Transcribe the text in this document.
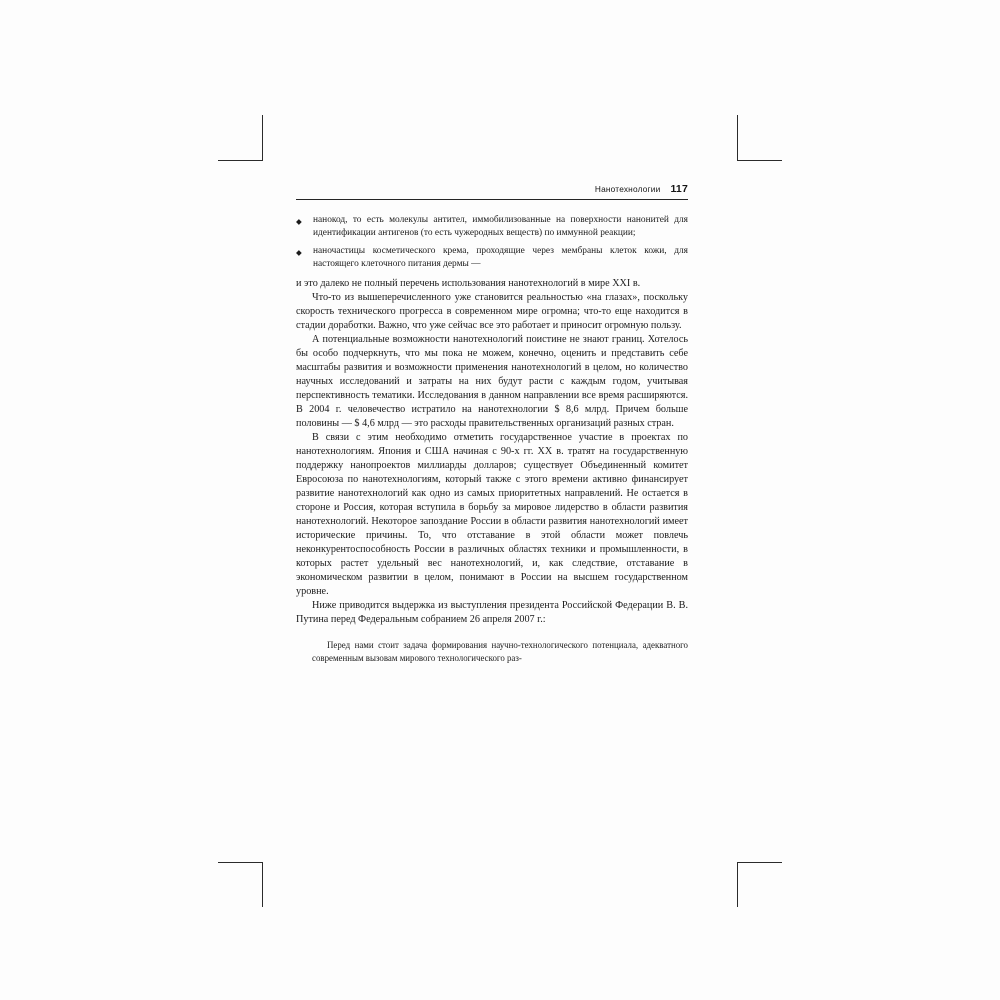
Нанотехнологии 117
◆ нанокод, то есть молекулы антител, иммобилизованные на поверхности нанонитей для идентификации антигенов (то есть чужеродных веществ) по иммунной реакции;
◆ наночастицы косметического крема, проходящие через мембраны клеток кожи, для настоящего клеточного питания дермы —

и это далеко не полный перечень использования нанотехнологий в мире XXI в.

Что-то из вышеперечисленного уже становится реальностью «на глазах», поскольку скорость технического прогресса в современном мире огромна; что-то еще находится в стадии доработки. Важно, что уже сейчас все это работает и приносит огромную пользу.

А потенциальные возможности нанотехнологий поистине не знают границ. Хотелось бы особо подчеркнуть, что мы пока не можем, конечно, оценить и представить себе масштабы развития и возможности применения нанотехнологий в целом, но количество научных исследований и затраты на них будут расти с каждым годом, учитывая перспективность тематики. Исследования в данном направлении все время расширяются. В 2004 г. человечество истратило на нанотехнологии $ 8,6 млрд. Причем больше половины — $ 4,6 млрд — это расходы правительственных организаций разных стран.

В связи с этим необходимо отметить государственное участие в проектах по нанотехнологиям. Япония и США начиная с 90-х гг. XX в. тратят на государственную поддержку нанопроектов миллиарды долларов; существует Объединенный комитет Евросоюза по нанотехнологиям, который также с этого времени активно финансирует развитие нанотехнологий как одно из самых приоритетных направлений. Не остается в стороне и Россия, которая вступила в борьбу за мировое лидерство в области развития нанотехнологий. Некоторое запоздание России в области развития нанотехнологий имеет исторические причины. То, что отставание в этой области может повлечь неконкурентоспособность России в различных областях техники и промышленности, в которых растет удельный вес нанотехнологий, и, как следствие, отставание в экономическом развитии в целом, понимают в России на высшем государственном уровне.

Ниже приводится выдержка из выступления президента Российской Федерации В. В. Путина перед Федеральным собранием 26 апреля 2007 г.:

Перед нами стоит задача формирования научно-технологического потенциала, адекватного современным вызовам мирового технологического раз-
